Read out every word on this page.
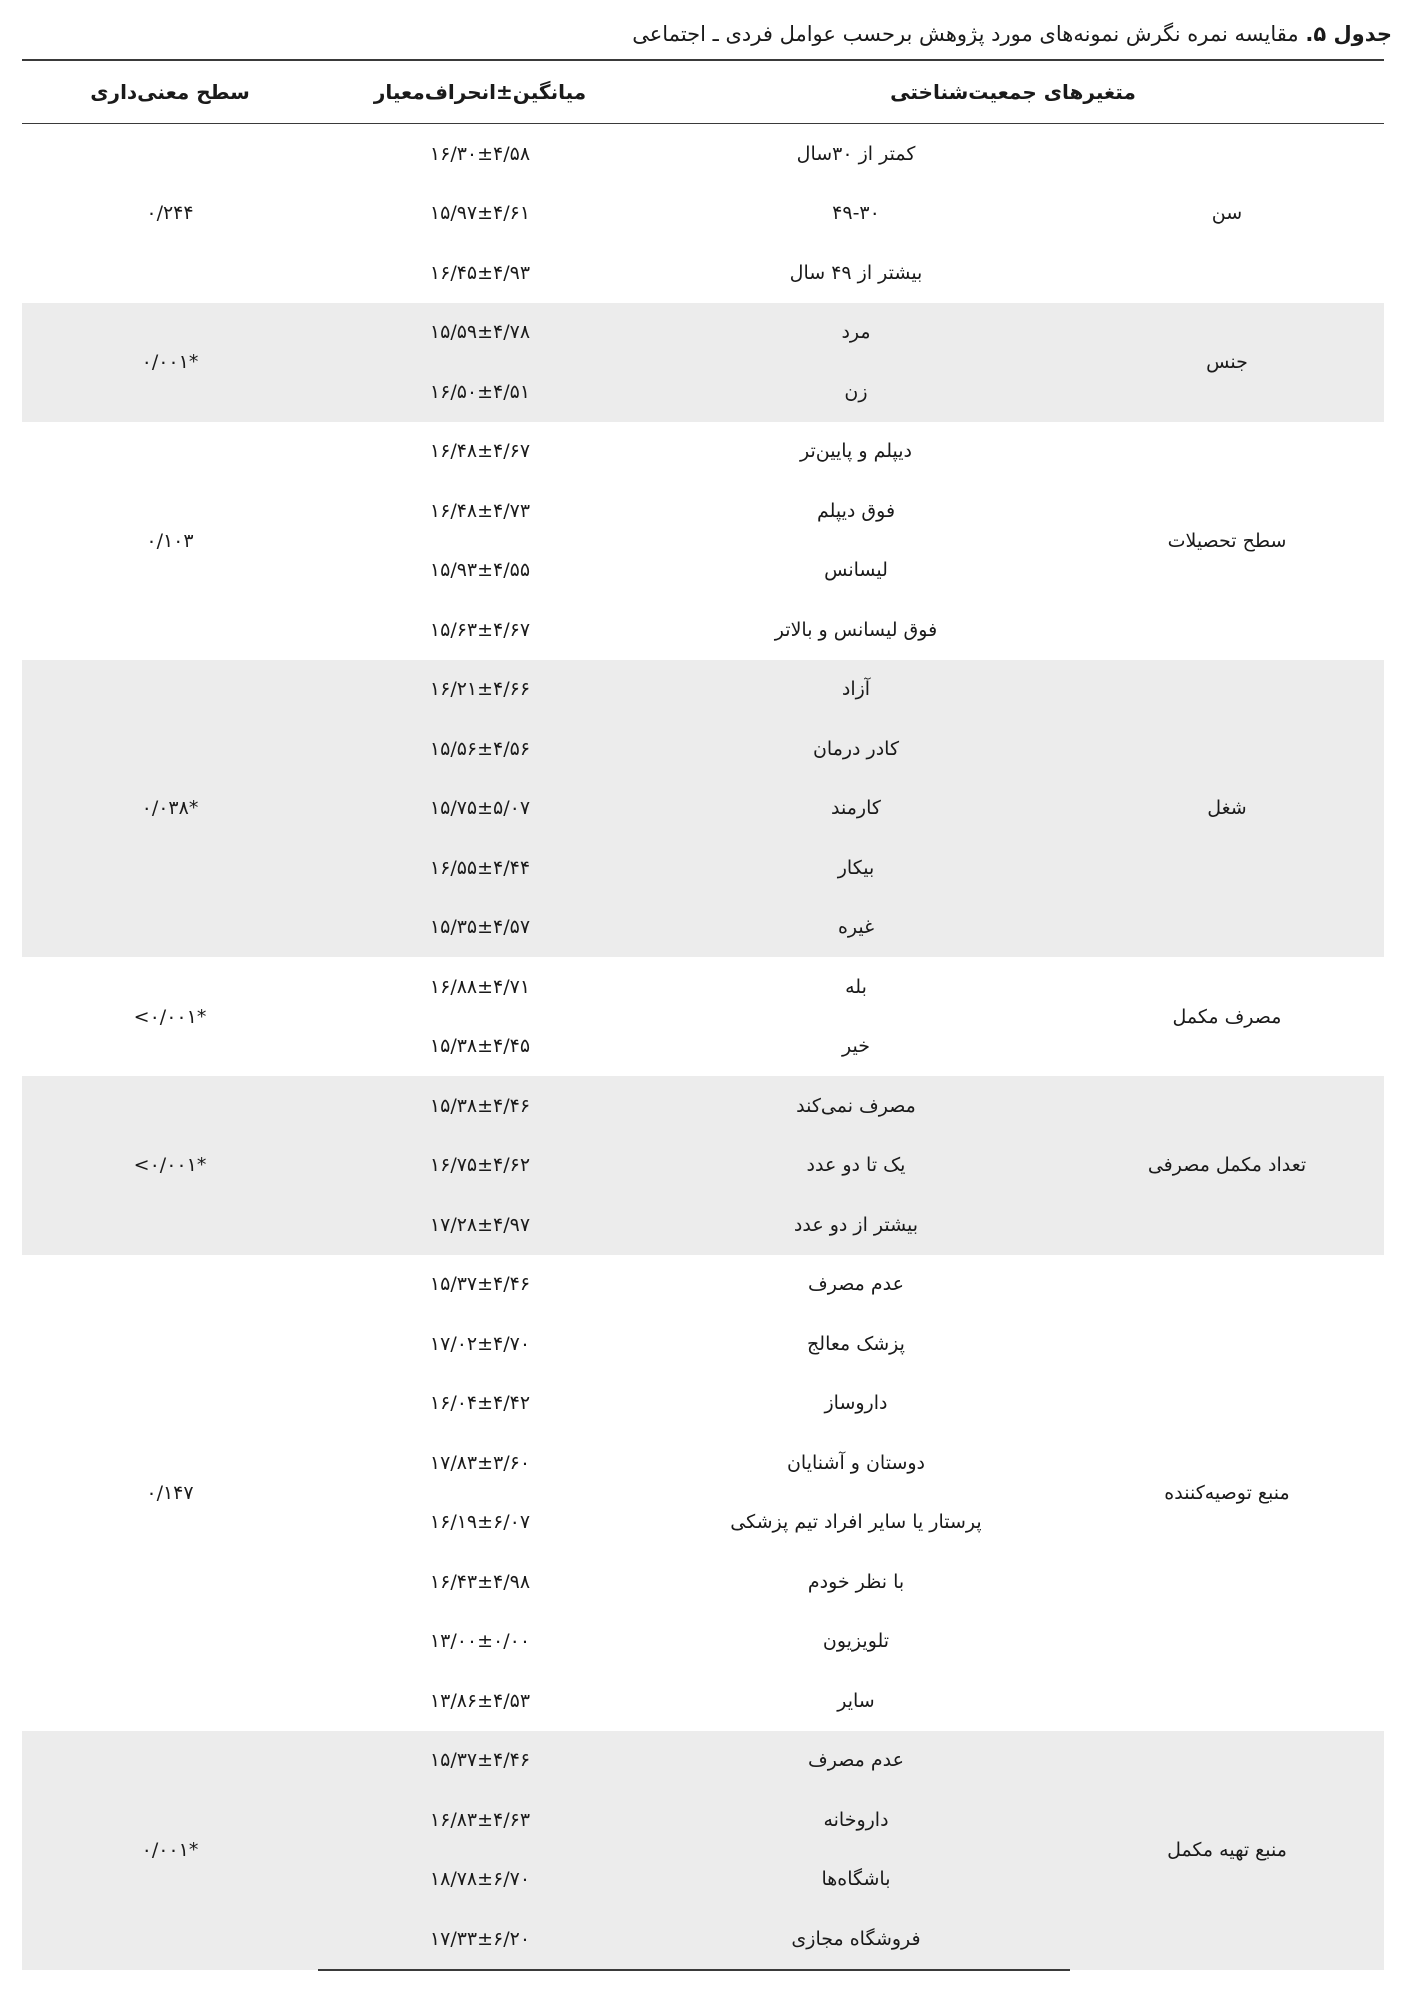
جدول ۵. مقایسه نمره نگرش نمونه‌های مورد پژوهش برحسب عوامل فردی ـ اجتماعی
متغیرهای جمعیت‌شناختی		میانگین±انحراف‌معیار	سطح معنی‌داری
سن	کمتر از ۳۰سال	۱۶/۳۰±۴/۵۸	۰/۲۴۴
	۴۹-۳۰	۱۵/۹۷±۴/۶۱	
	بیشتر از ۴۹ سال	۱۶/۴۵±۴/۹۳	
جنس	مرد	۱۵/۵۹±۴/۷۸	۰/۰۰۱*
	زن	۱۶/۵۰±۴/۵۱	
سطح تحصیلات	دیپلم و پایین‌تر	۱۶/۴۸±۴/۶۷	۰/۱۰۳
	فوق دیپلم	۱۶/۴۸±۴/۷۳	
	لیسانس	۱۵/۹۳±۴/۵۵	
	فوق لیسانس و بالاتر	۱۵/۶۳±۴/۶۷	
شغل	آزاد	۱۶/۲۱±۴/۶۶	۰/۰۳۸*
	کادر درمان	۱۵/۵۶±۴/۵۶	
	کارمند	۱۵/۷۵±۵/۰۷	
	بیکار	۱۶/۵۵±۴/۴۴	
	غیره	۱۵/۳۵±۴/۵۷	
مصرف مکمل	بله	۱۶/۸۸±۴/۷۱	<۰/۰۰۱*
	خیر	۱۵/۳۸±۴/۴۵	
تعداد مکمل مصرفی	مصرف نمی‌کند	۱۵/۳۸±۴/۴۶	<۰/۰۰۱*
	یک تا دو عدد	۱۶/۷۵±۴/۶۲	
	بیشتر از دو عدد	۱۷/۲۸±۴/۹۷	
منبع توصیه‌کننده	عدم مصرف	۱۵/۳۷±۴/۴۶	۰/۱۴۷
	پزشک معالج	۱۷/۰۲±۴/۷۰	
	داروساز	۱۶/۰۴±۴/۴۲	
	دوستان و آشنایان	۱۷/۸۳±۳/۶۰	
	پرستار یا سایر افراد تیم پزشکی	۱۶/۱۹±۶/۰۷	
	با نظر خودم	۱۶/۴۳±۴/۹۸	
	تلویزیون	۱۳/۰۰±۰/۰۰	
	سایر	۱۳/۸۶±۴/۵۳	
منبع تهیه مکمل	عدم مصرف	۱۵/۳۷±۴/۴۶	۰/۰۰۱*
	داروخانه	۱۶/۸۳±۴/۶۳	
	باشگاه‌ها	۱۸/۷۸±۶/۷۰	
	فروشگاه مجازی	۱۷/۳۳±۶/۲۰	
